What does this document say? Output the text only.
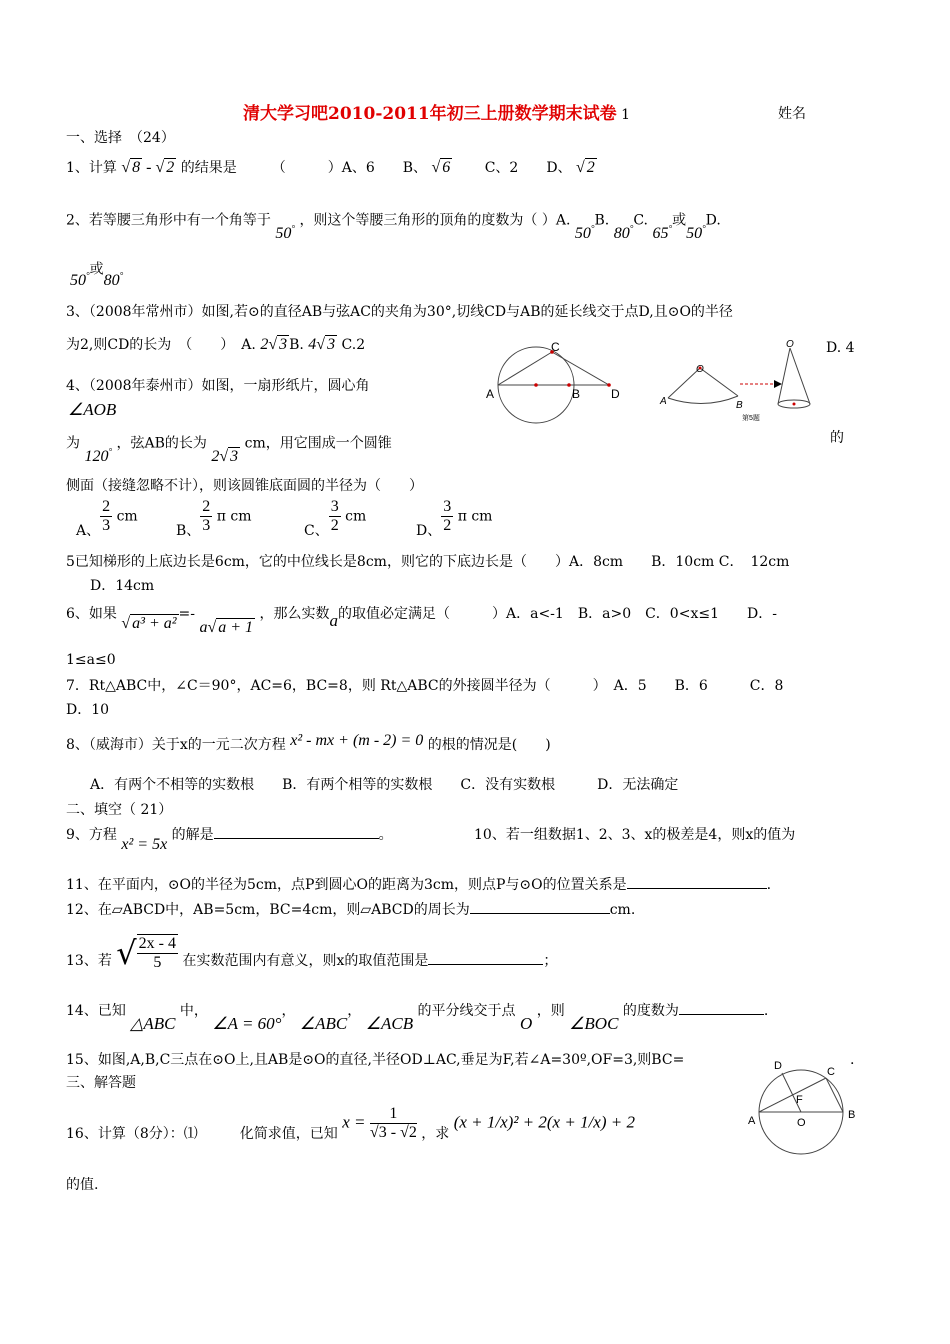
清大学习吧2010-2011年初三上册数学期末试卷 1	姓名
一、选择　（24）
1、计算 √ 8 - √ 2 的结果是　　　（　　　）A、6　　B、 √ 6 　　C、2　　D、 √ 2
2、若等腰三角形中有一个角等于 50° ，则这个等腰三角形的顶角的度数为（ ）A. 50°B. 80°C. 65°或50°D.
50°或80°
3、（2008年常州市）如图,若⊙的直径AB与弦AC的夹角为30°,切线CD与AB的延长线交于点D,且⊙O的半径
为2,则CD的长为　（　　）　A. 2√ 3 B. 4√ 3 C.2	D. 4
A	B
C
D
O
A	B
O
第5题
4、（2008年泰州市）如图，一扇形纸片，圆心角
∠AOB
为 120° ，弦AB的长为 2√ 3 cm，用它围成一个圆锥	的
侧面（接缝忽略不计），则该圆锥底面圆的半径为（　　）
A、 $\frac{2}{3}$ cm
B、 $\frac{2}{3}$ π cm
C、 $\frac{3}{2}$ cm
D、 $\frac{3}{2}$ π cm
5已知梯形的上底边长是6cm，它的中位线长是8cm，则它的下底边长是（　　）A．8cm　　B．10cm C．　12cm
D．14cm
6、如果 √ a³ + a²=- a√ a + 1 ，那么实数a的取值必定满足（　　　）A．a<-1　B．a>0　C．0<x≤1　　D．-
1≤a≤0
7．Rt△ABC中，∠C＝90°，AC=6，BC=8，则 Rt△ABC的外接圆半径为（　　　）　A．5　　B．6　　　C．8
D．10
8、（威海市）关于x的一元二次方程 x² - mx + (m - 2) = 0 的根的情况是(　　)
A．有两个不相等的实数根　　B．有两个相等的实数根　　C．没有实数根　　　D．无法确定
二、填空（ 21）
9、方程 x² = 5x 的解是	。	10、若一组数据1、2、3、x的极差是4，则x的值为
11、在平面内，⊙O的半径为5cm，点P到圆心O的距离为3cm，则点P与⊙O的位置关系是	.
12、在▱ABCD中，AB=5cm，BC=4cm，则▱ABCD的周长为	cm.
13、若 √ $\frac{2x - 4}{5}$ 在实数范围内有意义，则x的取值范围是	；
14、已知 △ABC 中， ∠A = 60°， ∠ABC， ∠ACB 的平分线交于点 O ，则 ∠BOC 的度数为	.
15、如图,A,B,C三点在⊙O上,且AB是⊙O的直径,半径OD⊥AC,垂足为F,若∠A=30º,OF=3,则BC=	.
A	B
C
D
F
O
三、解答题
16、计算（8分）：⑴　　　化简求值，已知 $x = \frac{1}{√3 - √2}$ ，求 (x + 1/x)² + 2(x + 1/x) + 2
的值.
